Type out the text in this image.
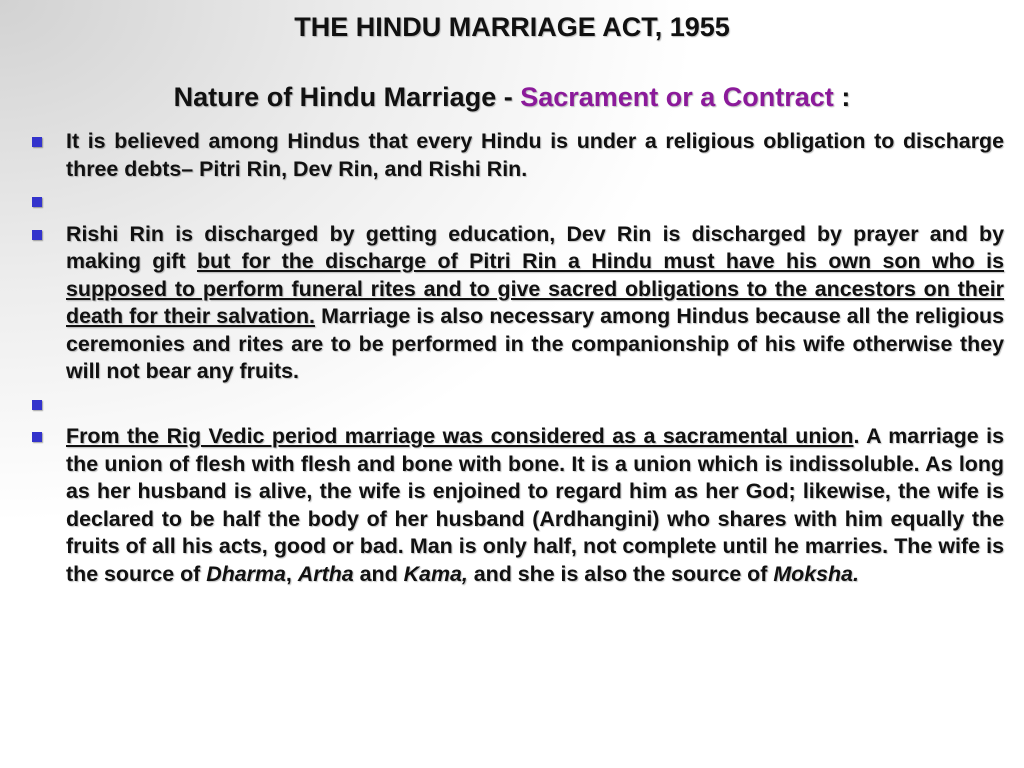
THE HINDU MARRIAGE ACT, 1955
Nature of Hindu Marriage - Sacrament or a Contract :

It is believed among Hindus that every Hindu is under a religious obligation to discharge three debts– Pitri Rin, Dev Rin, and Rishi Rin.

Rishi Rin is discharged by getting education, Dev Rin is discharged by prayer and by making gift but for the discharge of Pitri Rin a Hindu must have his own son who is supposed to perform funeral rites and to give sacred obligations to the ancestors on their death for their salvation. Marriage is also necessary among Hindus because all the religious ceremonies and rites are to be performed in the companionship of his wife otherwise they will not bear any fruits.

From the Rig Vedic period marriage was considered as a sacramental union. A marriage is the union of flesh with flesh and bone with bone. It is a union which is indissoluble. As long as her husband is alive, the wife is enjoined to regard him as her God; likewise, the wife is declared to be half the body of her husband (Ardhangini) who shares with him equally the fruits of all his acts, good or bad. Man is only half, not complete until he marries. The wife is the source of Dharma, Artha and Kama, and she is also the source of Moksha.
